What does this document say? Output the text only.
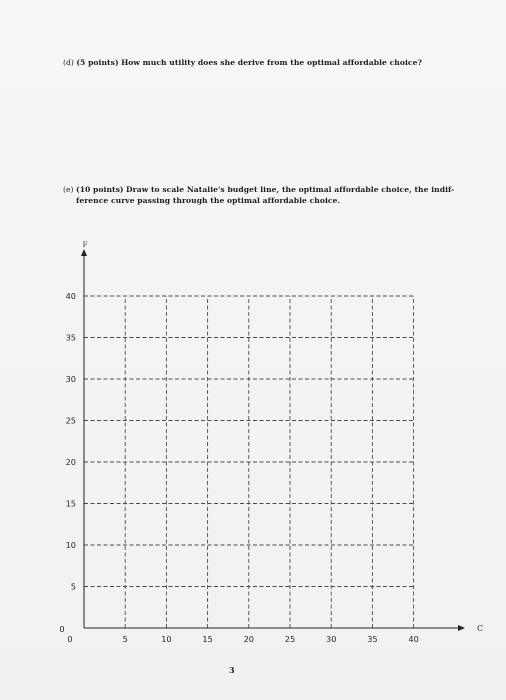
(d) (5 points) How much utility does she derive from the optimal affordable choice?
(e) (10 points) Draw to scale Natalie's budget line, the optimal affordable choice, the indif-
ference curve passing through the optimal affordable choice.
5
10
15
20
25
30
35
40
5	10	15	20	25	30	35	40
0
0
F
C
3
